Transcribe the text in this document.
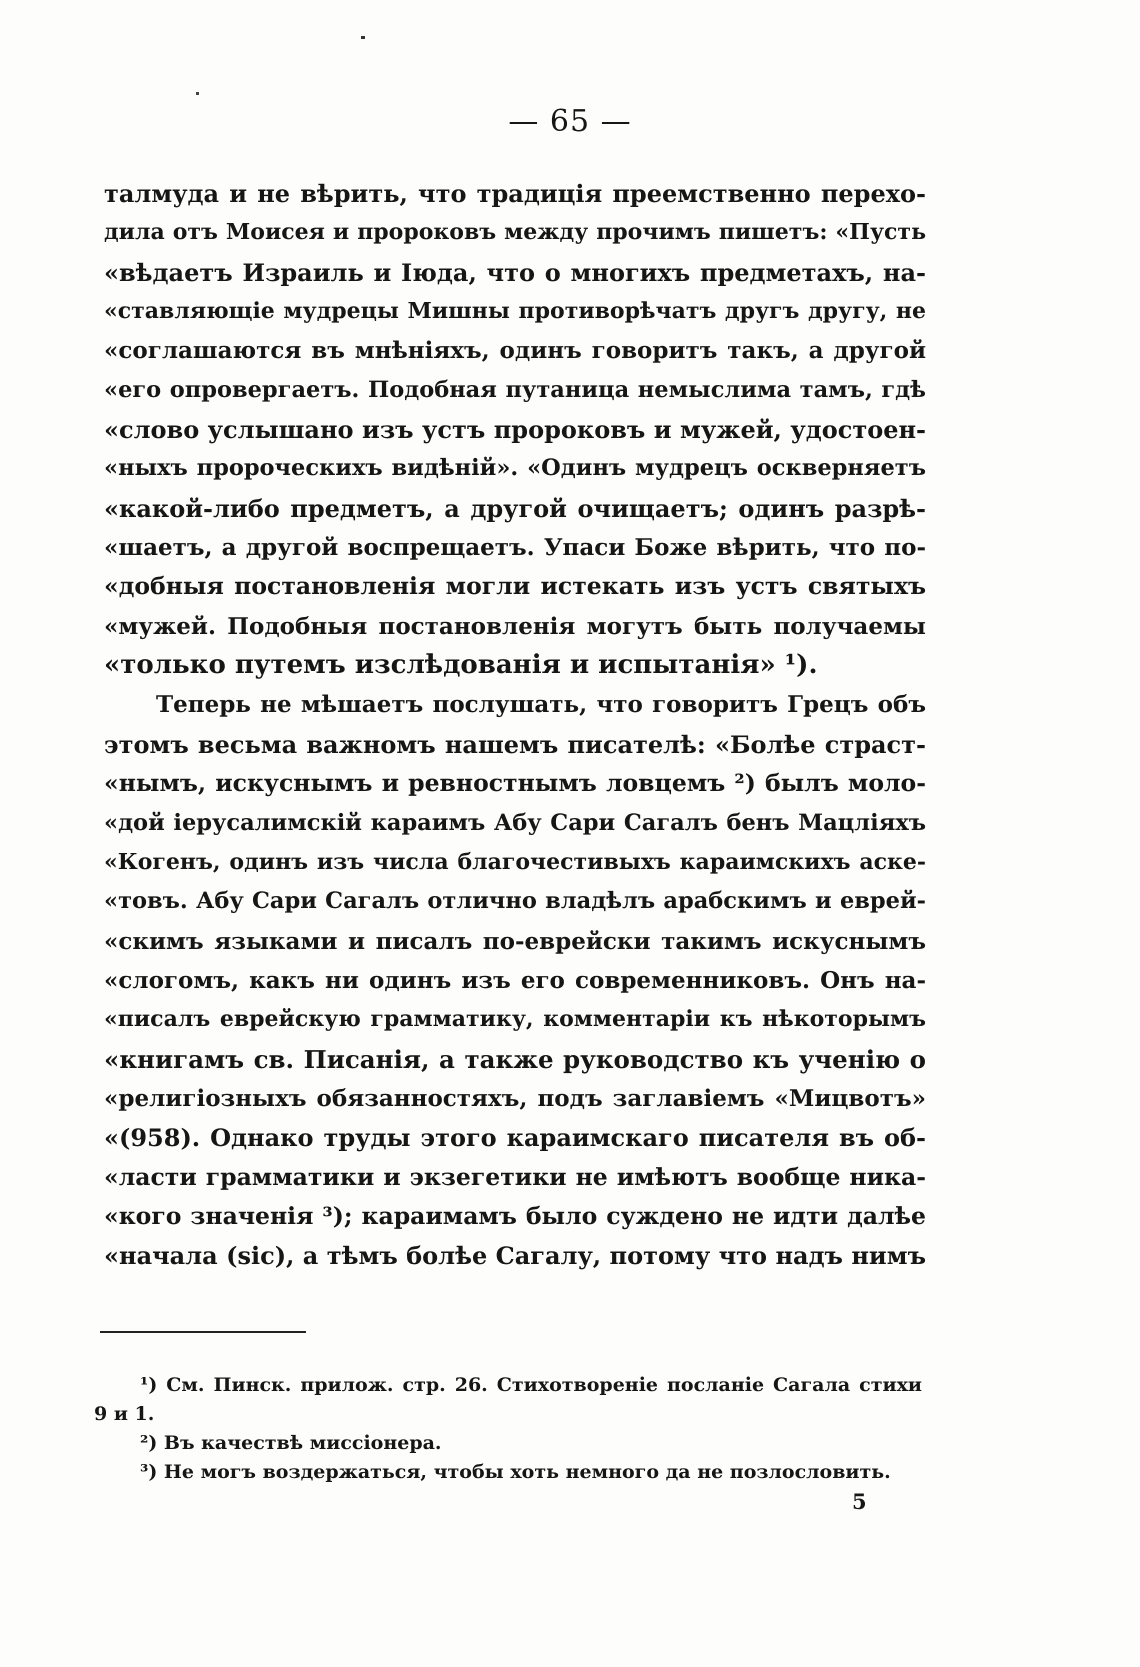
— 65 —
талмуда и не вѣрить, что традиція преемственно перехо-
дила отъ Моисея и пророковъ между прочимъ пишетъ: «Пусть
«вѣдаетъ Израиль и Іюда, что о многихъ предметахъ, на-
«ставляющіе мудрецы Мишны противорѣчатъ другъ другу, не
«соглашаются въ мнѣніяхъ, одинъ говоритъ такъ, а другой
«его опровергаетъ. Подобная путаница немыслима тамъ, гдѣ
«слово услышано изъ устъ пророковъ и мужей, удостоен-
«ныхъ пророческихъ видѣній». «Одинъ мудрецъ оскверняетъ
«какой-либо предметъ, а другой очищаетъ; одинъ разрѣ-
«шаетъ, а другой воспрещаетъ. Упаси Боже вѣрить, что по-
«добныя постановленія могли истекать изъ устъ святыхъ
«мужей. Подобныя постановленія могутъ быть получаемы
«только путемъ изслѣдованія и испытанія» ¹).
Теперь не мѣшаетъ послушать, что говоритъ Грецъ объ
этомъ весьма важномъ нашемъ писателѣ: «Болѣе страст-
«нымъ, искуснымъ и ревностнымъ ловцемъ ²) былъ моло-
«дой іерусалимскій караимъ Абу Сари Сагалъ бенъ Мацліяхъ
«Когенъ, одинъ изъ числа благочестивыхъ караимскихъ аске-
«товъ. Абу Сари Сагалъ отлично владѣлъ арабскимъ и еврей-
«скимъ языками и писалъ по-еврейски такимъ искуснымъ
«слогомъ, какъ ни одинъ изъ его современниковъ. Онъ на-
«писалъ еврейскую грамматику, комментаріи къ нѣкоторымъ
«книгамъ св. Писанія, а также руководство къ ученію о
«религіозныхъ обязанностяхъ, подъ заглавіемъ «Мицвотъ»
«(958). Однако труды этого караимскаго писателя въ об-
«ласти грамматики и экзегетики не имѣютъ вообще ника-
«кого значенія ³); караимамъ было суждено не идти далѣе
«начала (sic), а тѣмъ болѣе Сагалу, потому что надъ нимъ
¹) См. Пинск. прилож. стр. 26. Стихотвореніе посланіе Сагала стихи
9 и 1.
²) Въ качествѣ миссіонера.
³) Не могъ воздержаться, чтобы хоть немного да не позлословить.
5
